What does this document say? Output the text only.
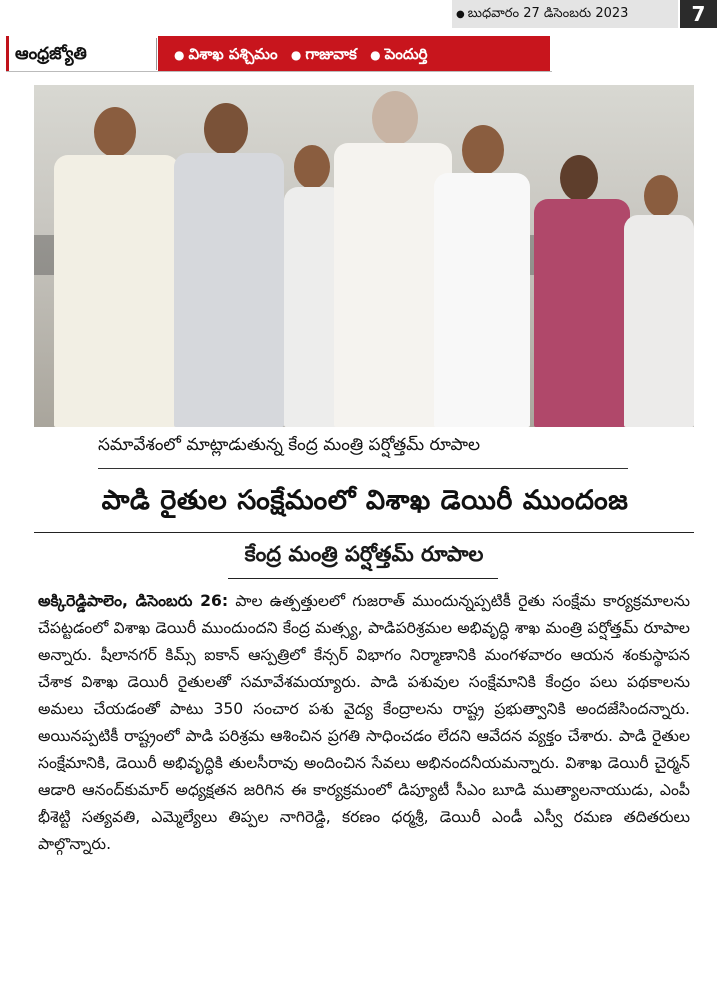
● బుధవారం 27 డిసెంబరు 2023	7
ఆంధ్రజ్యోతి	● విశాఖ పశ్చిమం ● గాజువాక ● పెందుర్తి
సమావేశంలో మాట్లాడుతున్న కేంద్ర మంత్రి పర్షోత్తమ్ రూపాల
పాడి రైతుల సంక్షేమంలో విశాఖ డెయిరీ ముందంజ
కేంద్ర మంత్రి పర్షోత్తమ్ రూపాల
అక్కిరెడ్డిపాలెం, డిసెంబరు 26: పాల ఉత్పత్తులలో గుజరాత్ ముందున్నప్పటికీ రైతు సంక్షేమ కార్యక్రమాలను చేపట్టడంలో విశాఖ డెయిరీ ముందుందని కేంద్ర మత్స్య, పాడిపరిశ్రమల అభివృద్ధి శాఖ మంత్రి పర్షోత్తమ్ రూపాల అన్నారు. షీలానగర్ కిమ్స్ ఐకాన్ ఆస్పత్రిలో కేన్సర్ విభాగం నిర్మాణానికి మంగళవారం ఆయన శంకుస్థాపన చేశాక విశాఖ డెయిరీ రైతులతో సమావేశమయ్యారు. పాడి పశువుల సంక్షేమానికి కేంద్రం పలు పథకాలను అమలు చేయడంతో పాటు 350 సంచార పశు వైద్య కేంద్రాలను రాష్ట్ర ప్రభుత్వానికి అందజేసిందన్నారు. అయినప్పటికీ రాష్ట్రంలో పాడి పరిశ్రమ ఆశించిన ప్రగతి సాధించడం లేదని ఆవేదన వ్యక్తం చేశారు. పాడి రైతుల సంక్షేమానికి, డెయిరీ అభివృద్ధికి తులసీరావు అందించిన సేవలు అభినందనీయమన్నారు. విశాఖ డెయిరీ చైర్మన్ ఆడారి ఆనంద్‌కుమార్ అధ్యక్షతన జరిగిన ఈ కార్యక్రమంలో డిప్యూటీ సీఎం బూడి ముత్యాలనాయుడు, ఎంపీ భీశెట్టి సత్యవతి, ఎమ్మెల్యేలు తిప్పల నాగిరెడ్డి, కరణం ధర్మశ్రీ, డెయిరీ ఎండీ ఎస్వీ రమణ తదితరులు పాల్గొన్నారు.
